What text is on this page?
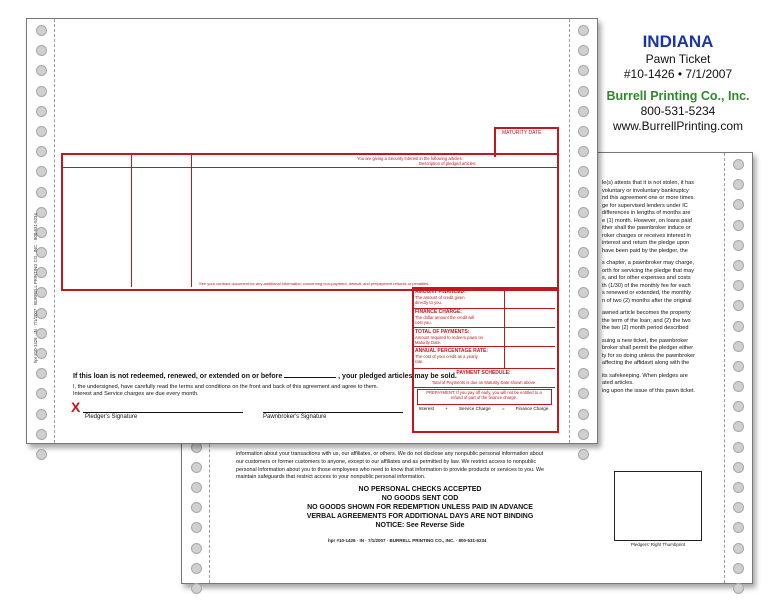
le(s) attests that it is not stolen, it has
voluntary or involuntary bankruptcy
nd this agreement one or more times.
ge for supervised lenders under IC
differences in lengths of months are
e (1) month. However, on loans paid
ither shall the pawnbroker induce or
roker charges or receives interest in
interest and return the pledge upon
have been paid by the pledger, the
s chapter, a pawnbroker may charge,
orth for servicing the pledge that may
s, and for other expenses and costs
th (1/30) of the monthly fee for each
s renewed or extended, the monthly
n of two (2) months after the original
awned article becomes the property
the term of the loan; and (2) the two
the two (2) month period described
suing a new ticket, the pawnbroker
broker shall permit the pledger either
ty for so doing unless the pawnbroker
affecting the affidavit along with the
its safekeeping. When pledges are
ated articles.
ing upon the issue of this pawn ticket.
information about your transactions with us, our affiliates, or others. We do not disclose any nonpublic personal information about
our customers or former customers to anyone, except to our affiliates and as permitted by law. We restrict access to nonpublic
personal information about you to those employees who need to know that information to provide products or services to you. We
maintain safeguards that restrict access to your nonpublic personal information.
NO PERSONAL CHECKS ACCEPTED
NO GOODS SENT COD
NO GOODS SHOWN FOR REDEMPTION UNLESS PAID IN ADVANCE
VERBAL AGREEMENTS FOR ADDITIONAL DAYS ARE NOT BINDING
NOTICE: See Reverse Side
hpr #10-1426 · IN · 7/1/2007 · BURRELL PRINTING CO., INC. · 800-531-5234
Pledgers' Right Thumbprint
hpr #10-1426 · IN · 7/1/2007 · BURRELL PRINTING CO., INC. · 800-531-5234
MATURITY DATE
You are giving a Security Interest in the following articles:
Description of pledged articles:
See your contract document for any additional information concerning non-payment, default, and prepayment refunds or penalties.
AMOUNT FINANCED:
The amount of credit given directly to you.
FINANCE CHARGE:
The dollar amount the credit will cost you.
TOTAL OF PAYMENTS:
Amount required to redeem pawn on Maturity Date.
ANNUAL PERCENTAGE RATE:
The cost of your credit as a yearly rate.
PAYMENT SCHEDULE:
Total of Payments is due on Maturity Date shown above
PREPAYMENT: If you pay off early, you will not be entitled to a refund of part of the finance charge.
Interest + Service Charge = Finance Charge
If this loan is not redeemed, renewed, or extended on or before	, your pledged articles may be sold.
I, the undersigned, have carefully read the terms and conditions on the front and back of this agreement and agree to them.
Interest and Service charges are due every month.
X
Pledger's Signature	Pawnbroker's Signature
INDIANA
Pawn Ticket
#10-1426 • 7/1/2007
Burrell Printing Co., Inc.
800-531-5234
www.BurrellPrinting.com
